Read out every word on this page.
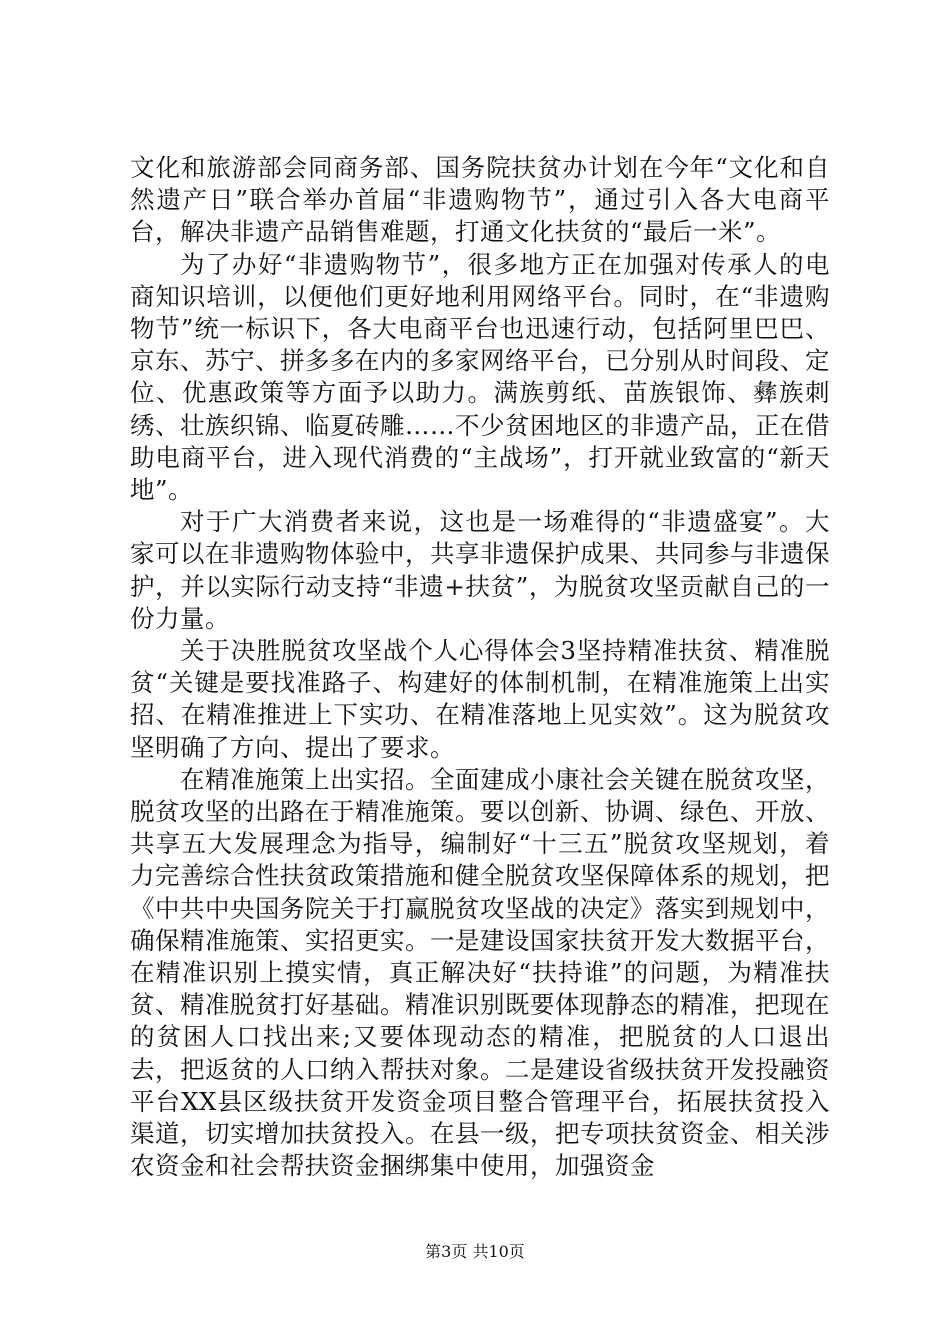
文化和旅游部会同商务部、国务院扶贫办计划在今年“文化和自然遗产日”联合举办首届“非遗购物节”，通过引入各大电商平台，解决非遗产品销售难题，打通文化扶贫的“最后一米”。

为了办好“非遗购物节”，很多地方正在加强对传承人的电商知识培训，以便他们更好地利用网络平台。同时，在“非遗购物节”统一标识下，各大电商平台也迅速行动，包括阿里巴巴、京东、苏宁、拼多多在内的多家网络平台，已分别从时间段、定位、优惠政策等方面予以助力。满族剪纸、苗族银饰、彝族刺绣、壮族织锦、临夏砖雕……不少贫困地区的非遗产品，正在借助电商平台，进入现代消费的“主战场”，打开就业致富的“新天地”。

对于广大消费者来说，这也是一场难得的“非遗盛宴”。大家可以在非遗购物体验中，共享非遗保护成果、共同参与非遗保护，并以实际行动支持“非遗+扶贫”，为脱贫攻坚贡献自己的一份力量。

关于决胜脱贫攻坚战个人心得体会3坚持精准扶贫、精准脱贫“关键是要找准路子、构建好的体制机制，在精准施策上出实招、在精准推进上下实功、在精准落地上见实效”。这为脱贫攻坚明确了方向、提出了要求。

在精准施策上出实招。全面建成小康社会关键在脱贫攻坚，脱贫攻坚的出路在于精准施策。要以创新、协调、绿色、开放、共享五大发展理念为指导，编制好“十三五”脱贫攻坚规划，着力完善综合性扶贫政策措施和健全脱贫攻坚保障体系的规划，把《中共中央国务院关于打赢脱贫攻坚战的决定》落实到规划中，确保精准施策、实招更实。一是建设国家扶贫开发大数据平台，在精准识别上摸实情，真正解决好“扶持谁”的问题，为精准扶贫、精准脱贫打好基础。精准识别既要体现静态的精准，把现在的贫困人口找出来;又要体现动态的精准，把脱贫的人口退出去，把返贫的人口纳入帮扶对象。二是建设省级扶贫开发投融资平台XX县区级扶贫开发资金项目整合管理平台，拓展扶贫投入渠道，切实增加扶贫投入。在县一级，把专项扶贫资金、相关涉农资金和社会帮扶资金捆绑集中使用，加强资金

第3页 共10页
